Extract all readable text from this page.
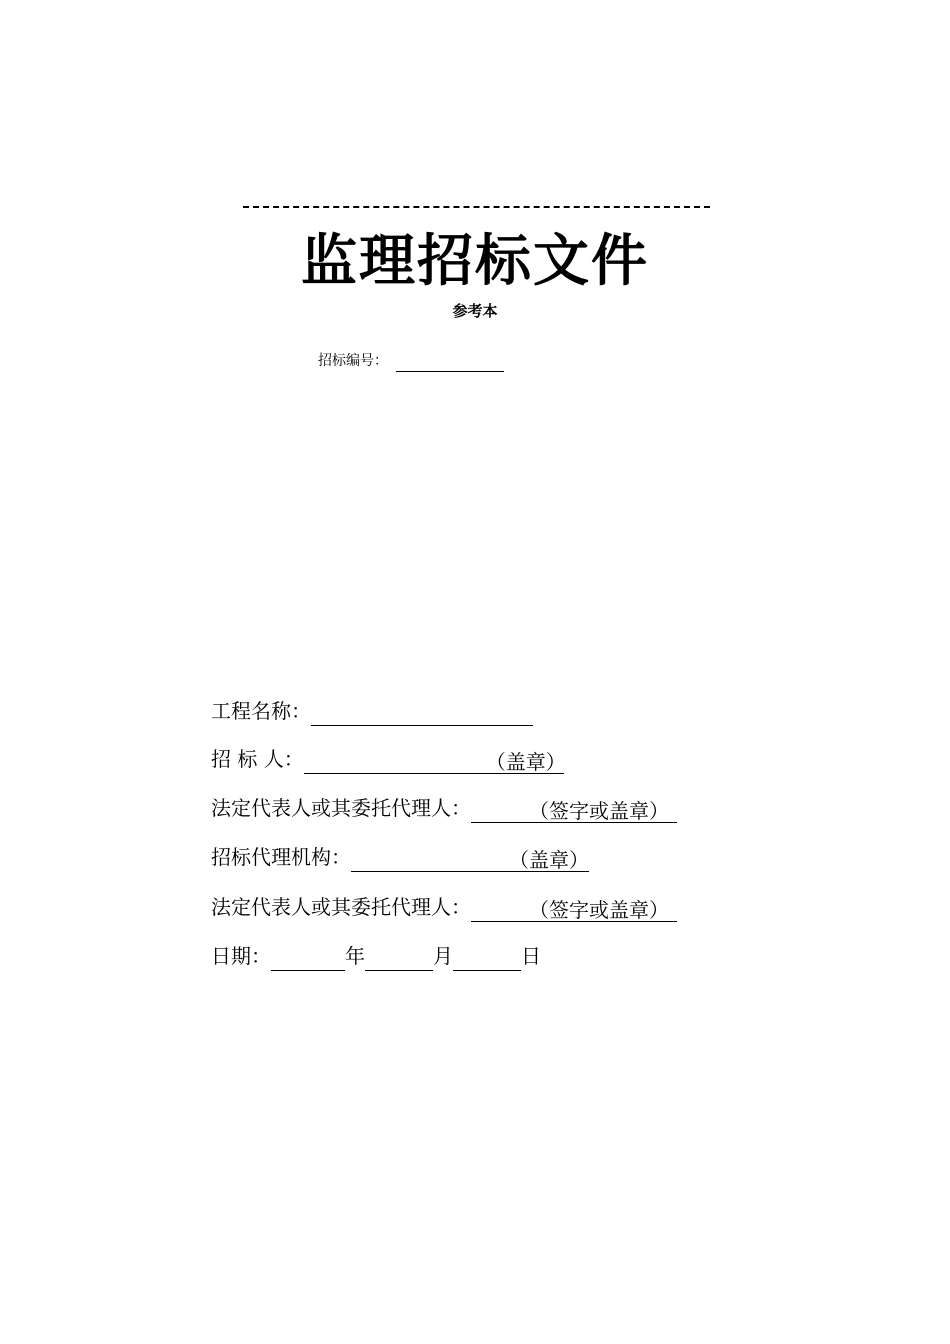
监理招标文件
参考本
招标编号：
工程名称：
招 标 人：	（盖章）
法定代表人或其委托代理人：	（签字或盖章）
招标代理机构：	（盖章）
法定代表人或其委托代理人：	（签字或盖章）
日期：	年	月	日
